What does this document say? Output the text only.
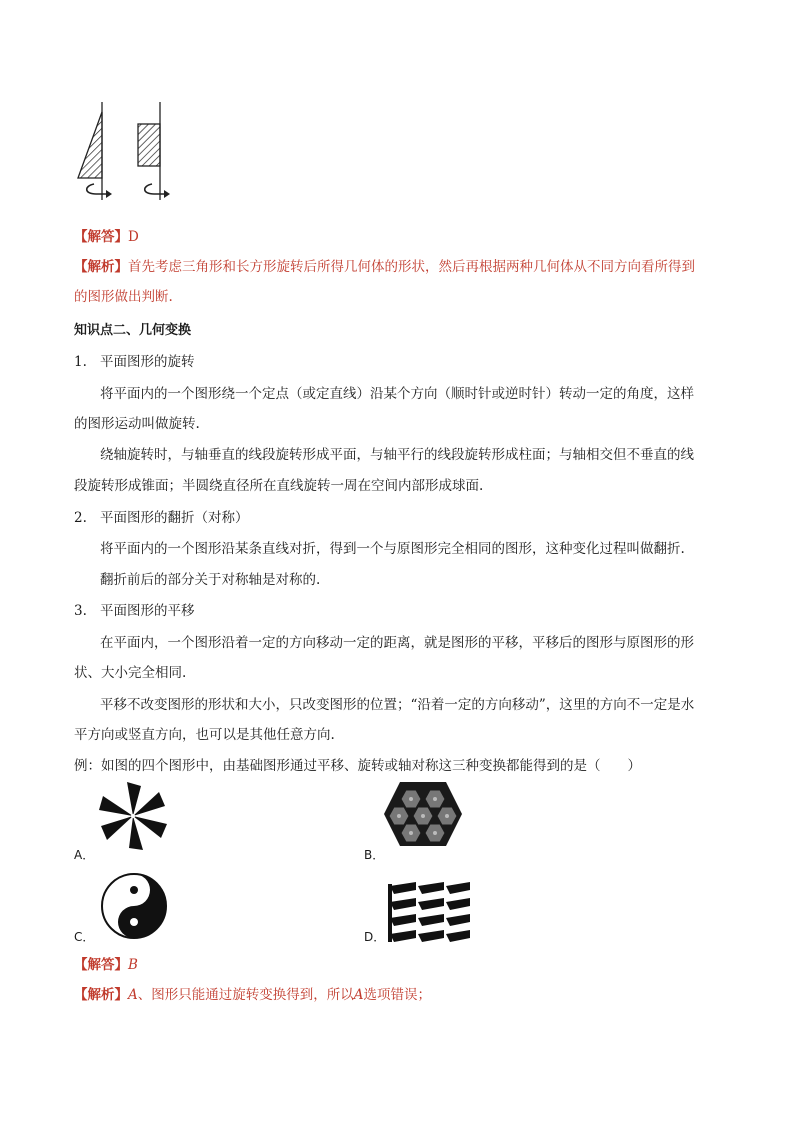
【解答】D
【解析】首先考虑三角形和长方形旋转后所得几何体的形状，然后再根据两种几何体从不同方向看所得到
的图形做出判断.
知识点二、几何变换
1. 平面图形的旋转
将平面内的一个图形绕一个定点（或定直线）沿某个方向（顺时针或逆时针）转动一定的角度，这样
的图形运动叫做旋转.
绕轴旋转时，与轴垂直的线段旋转形成平面，与轴平行的线段旋转形成柱面；与轴相交但不垂直的线
段旋转形成锥面；半圆绕直径所在直线旋转一周在空间内部形成球面.
2. 平面图形的翻折（对称）
将平面内的一个图形沿某条直线对折，得到一个与原图形完全相同的图形，这种变化过程叫做翻折.
翻折前后的部分关于对称轴是对称的.
3. 平面图形的平移
在平面内，一个图形沿着一定的方向移动一定的距离，就是图形的平移，平移后的图形与原图形的形
状、大小完全相同.
平移不改变图形的形状和大小，只改变图形的位置；“沿着一定的方向移动”，这里的方向不一定是水
平方向或竖直方向，也可以是其他任意方向.
例：如图的四个图形中，由基础图形通过平移、旋转或轴对称这三种变换都能得到的是（　　）
A．	B．
C．	D．
【解答】B
【解析】A、图形只能通过旋转变换得到，所以A选项错误；
